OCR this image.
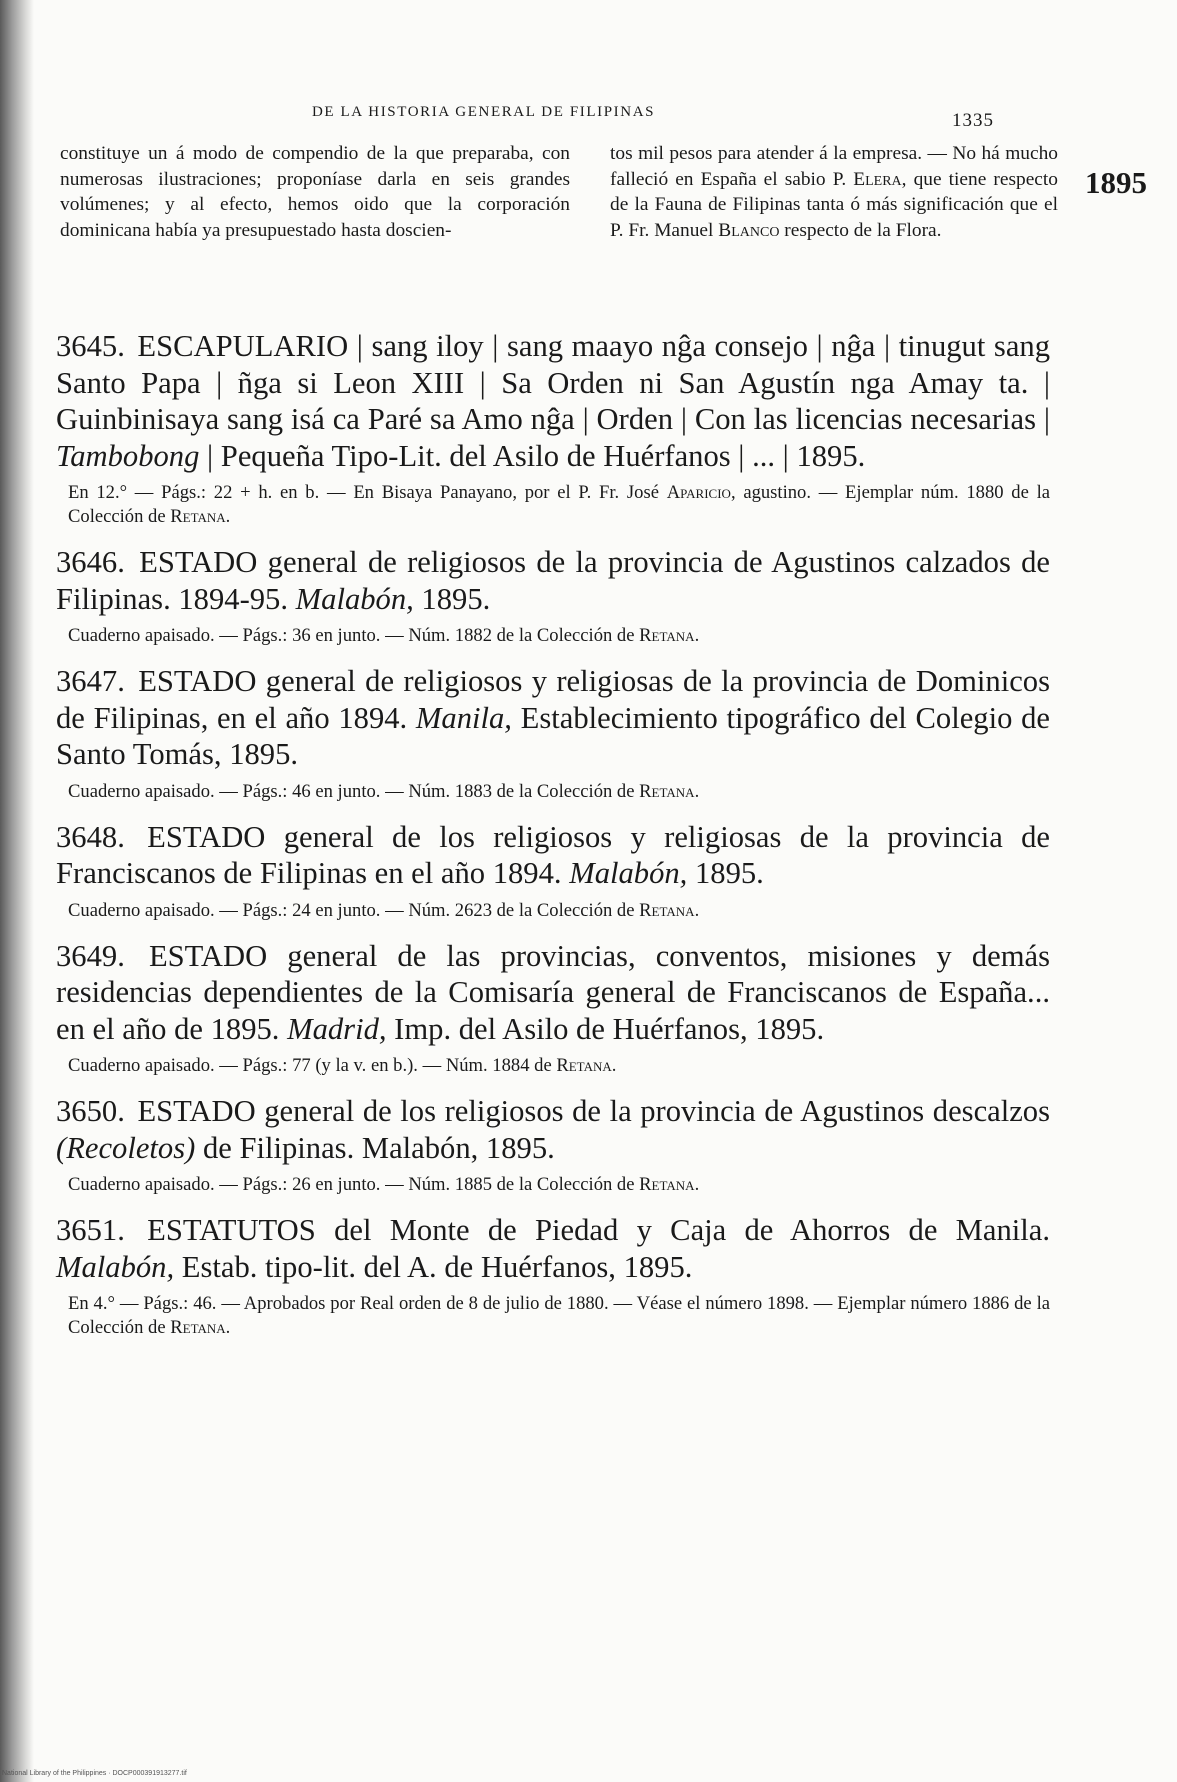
DE LA HISTORIA GENERAL DE FILIPINAS	1335
1895
constituye un á modo de compendio de la que preparaba, con numerosas ilustraciones; proponíase darla en seis grandes volúmenes; y al efecto, hemos oido que la corporación dominicana había ya presupuestado hasta doscien-
tos mil pesos para atender á la empresa. — No há mucho falleció en España el sabio P. Elera, que tiene respecto de la Fauna de Filipinas tanta ó más significación que el P. Fr. Manuel Blanco respecto de la Flora.

3645. ESCAPULARIO | sang iloy | sang maayo nĝa consejo | nĝa | tinugut sang Santo Papa | ñga si Leon XIII | Sa Orden ni San Agustín nga Amay ta. | Guinbinisaya sang isá ca Paré sa Amo nĝa | Orden | Con las licencias necesarias | Tambobong | Pequeña Tipo-Lit. del Asilo de Huérfanos | ... | 1895.

En 12.° — Págs.: 22 + h. en b. — En Bisaya Panayano, por el P. Fr. José Aparicio, agustino. — Ejemplar núm. 1880 de la Colección de Retana.

3646. ESTADO general de religiosos de la provincia de Agustinos calzados de Filipinas. 1894-95. Malabón, 1895.

Cuaderno apaisado. — Págs.: 36 en junto. — Núm. 1882 de la Colección de Retana.

3647. ESTADO general de religiosos y religiosas de la provincia de Dominicos de Filipinas, en el año 1894. Manila, Establecimiento tipográfico del Colegio de Santo Tomás, 1895.

Cuaderno apaisado. — Págs.: 46 en junto. — Núm. 1883 de la Colección de Retana.

3648. ESTADO general de los religiosos y religiosas de la provincia de Franciscanos de Filipinas en el año 1894. Malabón, 1895.

Cuaderno apaisado. — Págs.: 24 en junto. — Núm. 2623 de la Colección de Retana.

3649. ESTADO general de las provincias, conventos, misiones y demás residencias dependientes de la Comisaría general de Franciscanos de España... en el año de 1895. Madrid, Imp. del Asilo de Huérfanos, 1895.

Cuaderno apaisado. — Págs.: 77 (y la v. en b.). — Núm. 1884 de Retana.

3650. ESTADO general de los religiosos de la provincia de Agustinos descalzos (Recoletos) de Filipinas. Malabón, 1895.

Cuaderno apaisado. — Págs.: 26 en junto. — Núm. 1885 de la Colección de Retana.

3651. ESTATUTOS del Monte de Piedad y Caja de Ahorros de Manila. Malabón, Estab. tipo-lit. del A. de Huérfanos, 1895.

En 4.° — Págs.: 46. — Aprobados por Real orden de 8 de julio de 1880. — Véase el número 1898. — Ejemplar número 1886 de la Colección de Retana.

National Library of the Philippines · DOCP000391913277.tif
